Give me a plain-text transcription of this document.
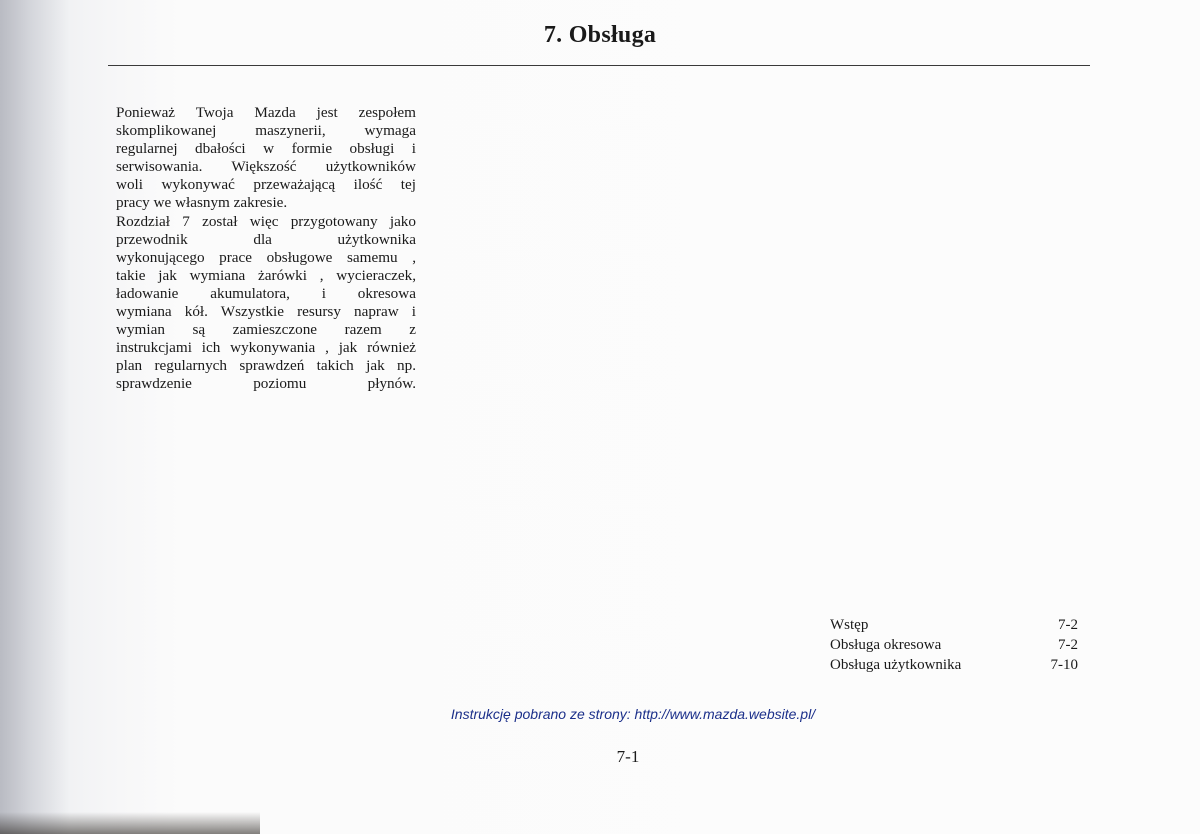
7. Obsługa

Ponieważ Twoja Mazda jest zespołem

skomplikowanej maszynerii, wymaga

regularnej dbałości w formie obsługi i

serwisowania. Większość użytkowników

woli wykonywać przeważającą ilość tej

pracy we własnym zakresie.

Rozdział 7 został więc przygotowany jako

przewodnik dla użytkownika

wykonującego prace obsługowe samemu ,

takie jak wymiana żarówki , wycieraczek,

ładowanie akumulatora, i okresowa

wymiana kół. Wszystkie resursy napraw i

wymian są zamieszczone razem z

instrukcjami ich wykonywania , jak również

plan regularnych sprawdzeń takich jak np.

sprawdzenie poziomu płynów.

Wstęp	7-2
Obsługa okresowa	7-2
Obsługa użytkownika	7-10
Instrukcję pobrano ze strony: http://www.mazda.website.pl/
7-1
